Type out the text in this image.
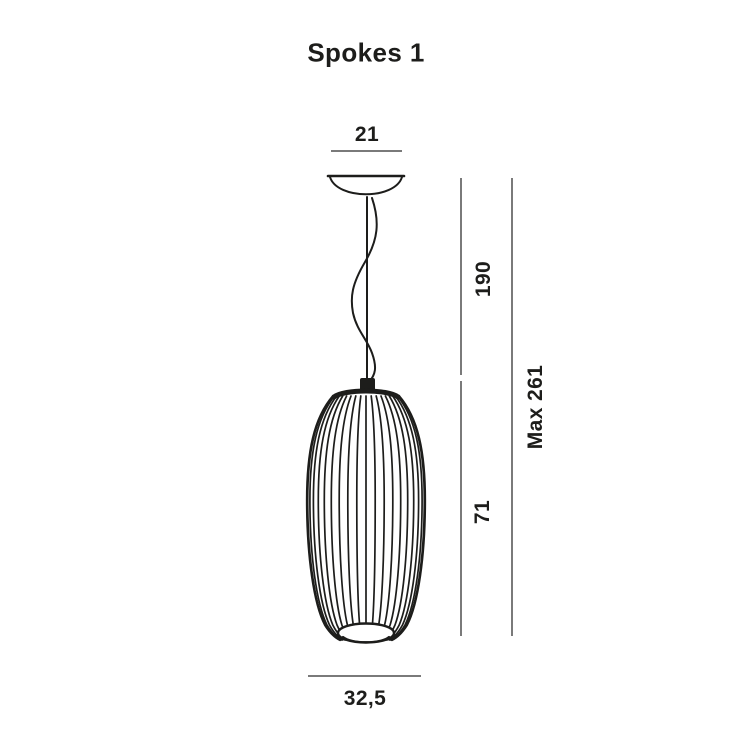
Spokes 1
21
190
Max 261
71
32,5
